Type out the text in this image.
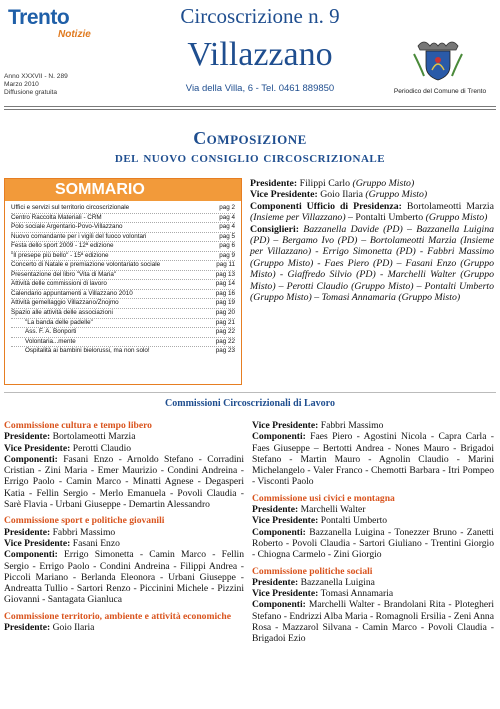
Trento
Notizie
Anno XXXVII - N. 289
Marzo 2010
Diffusione gratuita
Circoscrizione n. 9
Villazzano
Via della Villa, 6 - Tel. 0461 889850	Periodico del Comune di Trento
Composizione
del nuovo consiglio circoscrizionale
SOMMARIO
Uffici e servizi sul territorio circoscrizionale	pag 2
Centro Raccolta Materiali - CRM	pag 4
Polo sociale Argentario-Povo-Villazzano	pag 4
Nuovo comandante per i vigili del fuoco volontari	pag 5
Festa dello sport 2009 - 12ª edizione	pag 6
"Il presepe più bello" - 15ª edizione	pag 9
Concerto di Natale e premiazione volontariato sociale	pag 11
Presentazione del libro "Vita di Maria"	pag 13
Attività delle commissioni di lavoro	pag 14
Calendario appuntamenti a Villazzano 2010	pag 16
Attività gemellaggio Villazzano/Znojmo	pag 19
Spazio alle attività delle associazioni	pag 20
"La banda delle padelle"	pag 21
Ass. F. A. Bonporti	pag 22
Volontaria...mente	pag 22
Ospitalità ai bambini bielorussi, ma non solo!	pag 23

Presidente: Filippi Carlo (Gruppo Misto)

Vice Presidente: Goio Ilaria (Gruppo Misto)

Componenti Ufficio di Presidenza: Bortolameotti Marzia (Insieme per Villazzano) – Pontalti Umberto (Gruppo Misto)

Consiglieri: Bazzanella Davide (PD) – Bazzanella Luigina (PD) – Bergamo Ivo (PD) – Bortolameotti Marzia (Insieme per Villazzano) - Errigo Simonetta (PD) - Fabbri Massimo (Gruppo Misto) - Faes Piero (PD) – Fasani Enzo (Gruppo Misto) - Giaffredo Silvio (PD) - Marchelli Walter (Gruppo Misto) – Perotti Claudio (Gruppo Misto) – Pontalti Umberto (Gruppo Misto) – Tomasi Annamaria (Gruppo Misto)

Commissioni Circoscrizionali di Lavoro

Commissione cultura e tempo libero

Presidente: Bortolameotti Marzia

Vice Presidente: Perotti Claudio

Componenti: Fasani Enzo - Arnoldo Stefano - Corradini Cristian - Zini Maria - Emer Maurizio - Condini Andreina - Errigo Paolo - Camin Marco - Minatti Agnese - Degasperi Katia - Fellin Sergio - Merlo Emanuela - Povoli Claudia - Sarè Flavia - Urbani Giuseppe - Demartin Alessandro

Commissione sport e politiche giovanili

Presidente: Fabbri Massimo

Vice Presidente: Fasani Enzo

Componenti: Errigo Simonetta - Camin Marco - Fellin Sergio - Errigo Paolo - Condini Andreina - Filippi Andrea - Piccoli Mariano - Berlanda Eleonora - Urbani Giuseppe - Andreatta Tullio - Sartori Renzo - Piccinini Michele - Pizzini Giovanni - Santagata Gianluca

Commissione territorio, ambiente e attività economiche

Presidente: Goio Ilaria

Vice Presidente: Fabbri Massimo

Componenti: Faes Piero - Agostini Nicola - Capra Carla - Faes Giuseppe – Bertotti Andrea - Nones Mauro - Brigadoi Stefano - Martin Mauro - Agnolin Claudio - Marini Michelangelo - Valer Franco - Chemotti Barbara - Itri Pompeo - Visconti Paolo

Commissione usi civici e montagna

Presidente: Marchelli Walter

Vice Presidente: Pontalti Umberto

Componenti: Bazzanella Luigina - Tonezzer Bruno - Zanetti Roberto - Povoli Claudia - Sartori Giuliano - Trentini Giorgio - Chiogna Carmelo - Zini Giorgio

Commissione politiche sociali

Presidente: Bazzanella Luigina

Vice Presidente: Tomasi Annamaria

Componenti: Marchelli Walter - Brandolani Rita - Plotegheri Stefano - Endrizzi Alba Maria - Romagnoli Ersilia - Zeni Anna Rosa - Mazzarol Silvana - Camin Marco - Povoli Claudia - Brigadoi Ezio
